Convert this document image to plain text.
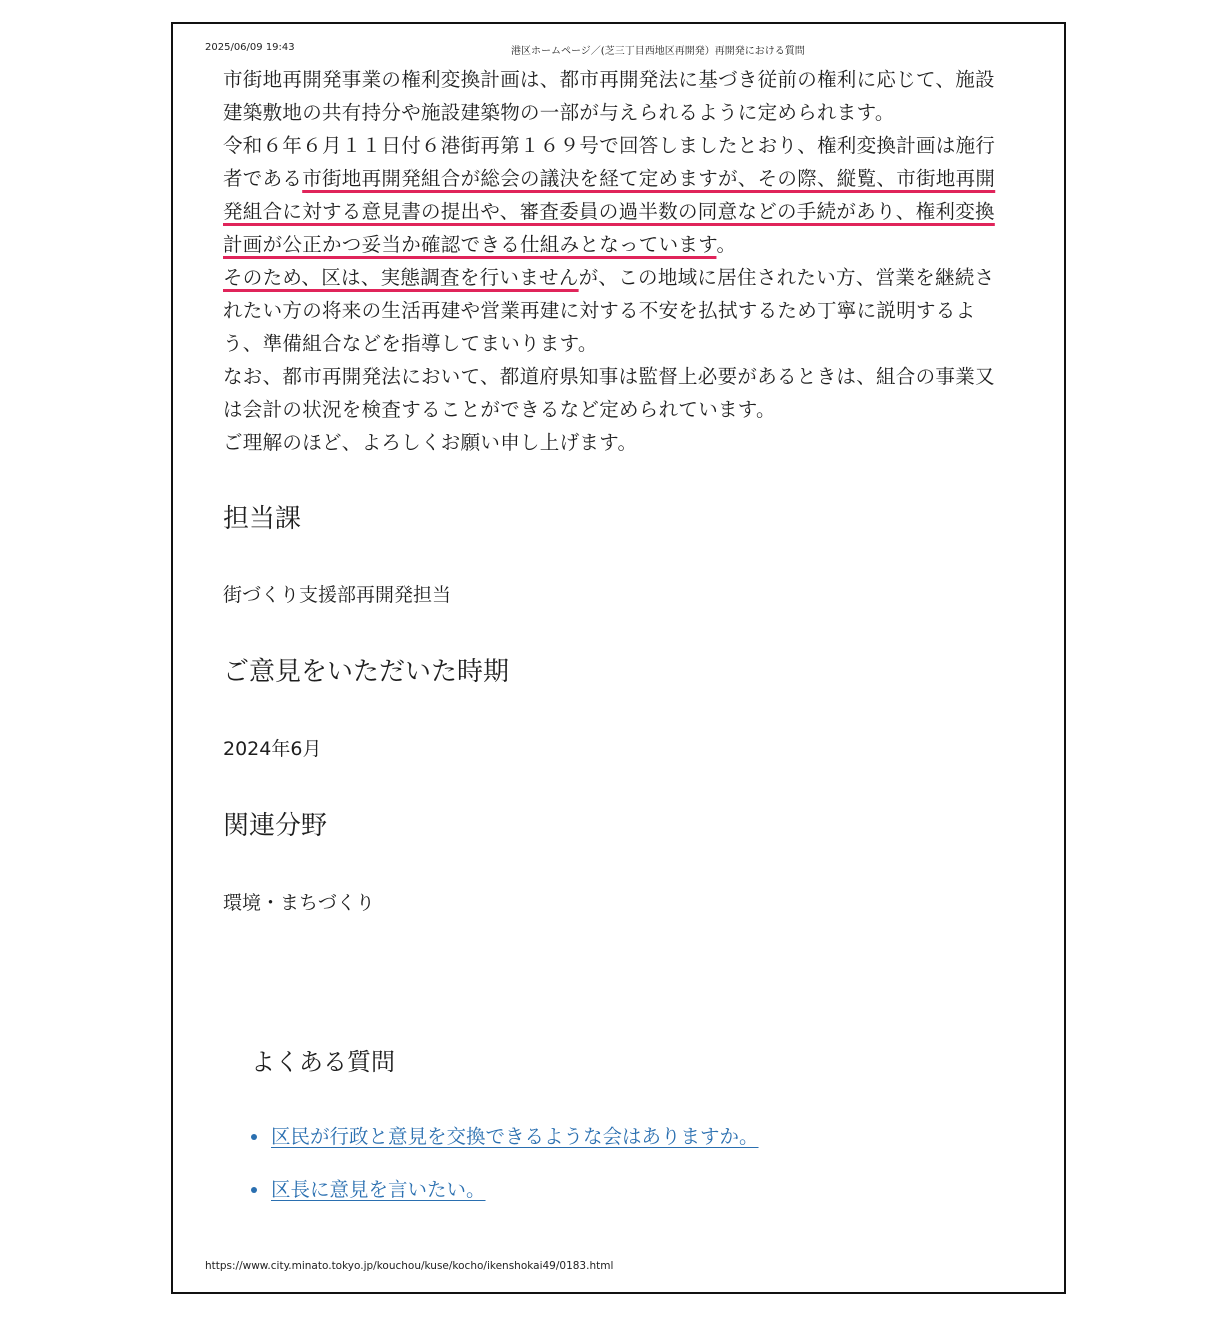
2025/06/09 19:43	港区ホームページ／(芝三丁目西地区再開発）再開発における質問

市街地再開発事業の権利変換計画は、都市再開発法に基づき従前の権利に応じて、施設建築敷地の共有持分や施設建築物の一部が与えられるように定められます。

令和６年６月１１日付６港街再第１６９号で回答しましたとおり、権利変換計画は施行者である市街地再開発組合が総会の議決を経て定めますが、その際、縦覧、市街地再開発組合に対する意見書の提出や、審査委員の過半数の同意などの手続があり、権利変換計画が公正かつ妥当か確認できる仕組みとなっています。

そのため、区は、実態調査を行いませんが、この地域に居住されたい方、営業を継続されたい方の将来の生活再建や営業再建に対する不安を払拭するため丁寧に説明するよう、準備組合などを指導してまいります。

なお、都市再開発法において、都道府県知事は監督上必要があるときは、組合の事業又は会計の状況を検査することができるなど定められています。

ご理解のほど、よろしくお願い申し上げます。

担当課

街づくり支援部再開発担当

ご意見をいただいた時期

2024年6月

関連分野

環境・まちづくり

よくある質問
区民が行政と意見を交換できるような会はありますか。
区長に意見を言いたい。
https://www.city.minato.tokyo.jp/kouchou/kuse/kocho/ikenshokai49/0183.html
